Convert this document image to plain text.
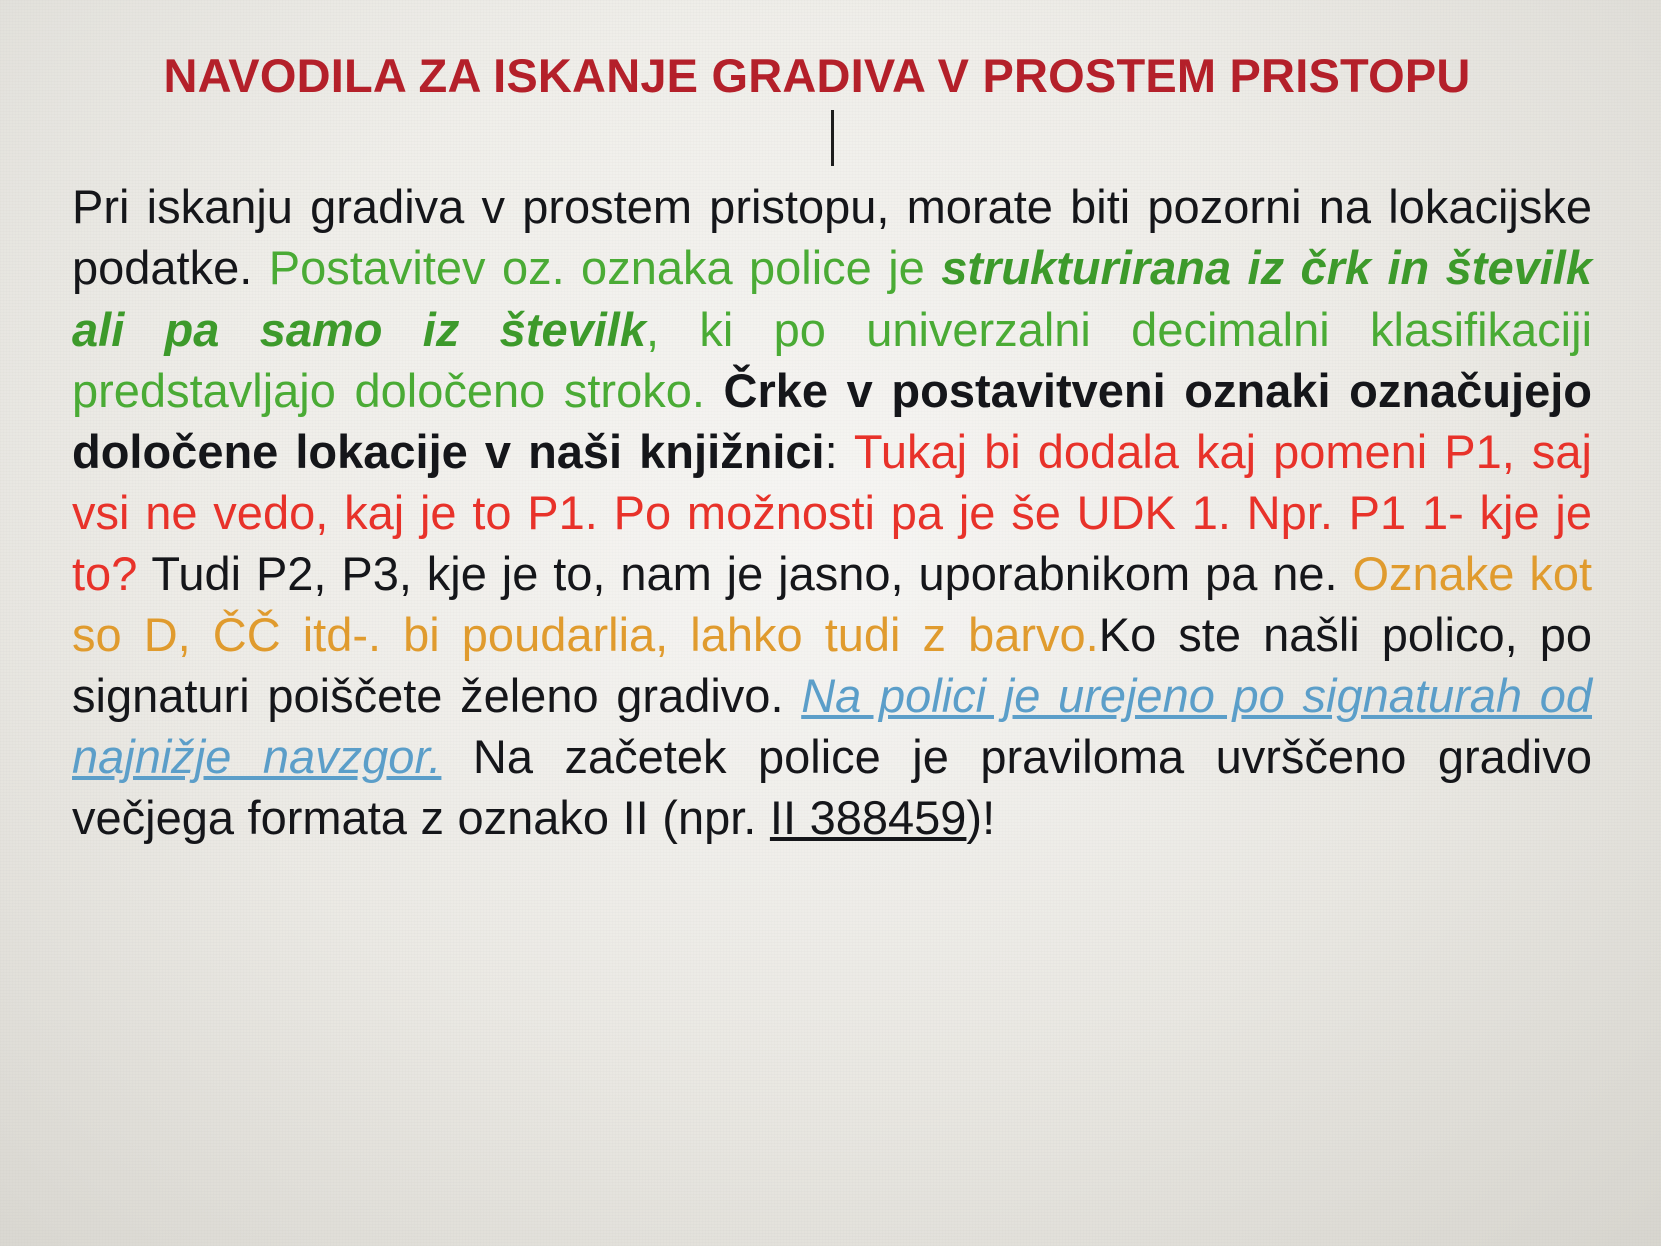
NAVODILA ZA ISKANJE GRADIVA V PROSTEM PRISTOPU
Pri iskanju gradiva v prostem pristopu, morate biti pozorni na lokacijske podatke. Postavitev oz. oznaka police je strukturirana iz črk in številk ali pa samo iz številk, ki po univerzalni decimalni klasifikaciji predstavljajo določeno stroko. Črke v postavitveni oznaki označujejo določene lokacije v naši knjižnici: Tukaj bi dodala kaj pomeni P1, saj vsi ne vedo, kaj je to P1. Po možnosti pa je še UDK 1. Npr. P1 1- kje je to? Tudi P2, P3, kje je to, nam je jasno, uporabnikom pa ne. Oznake kot so D, ČČ itd-. bi poudarlia, lahko tudi z barvo.Ko ste našli polico, po signaturi poiščete želeno gradivo. Na polici je urejeno po signaturah od najnižje navzgor. Na začetek police je praviloma uvrščeno gradivo večjega formata z oznako II (npr. II 388459)!
